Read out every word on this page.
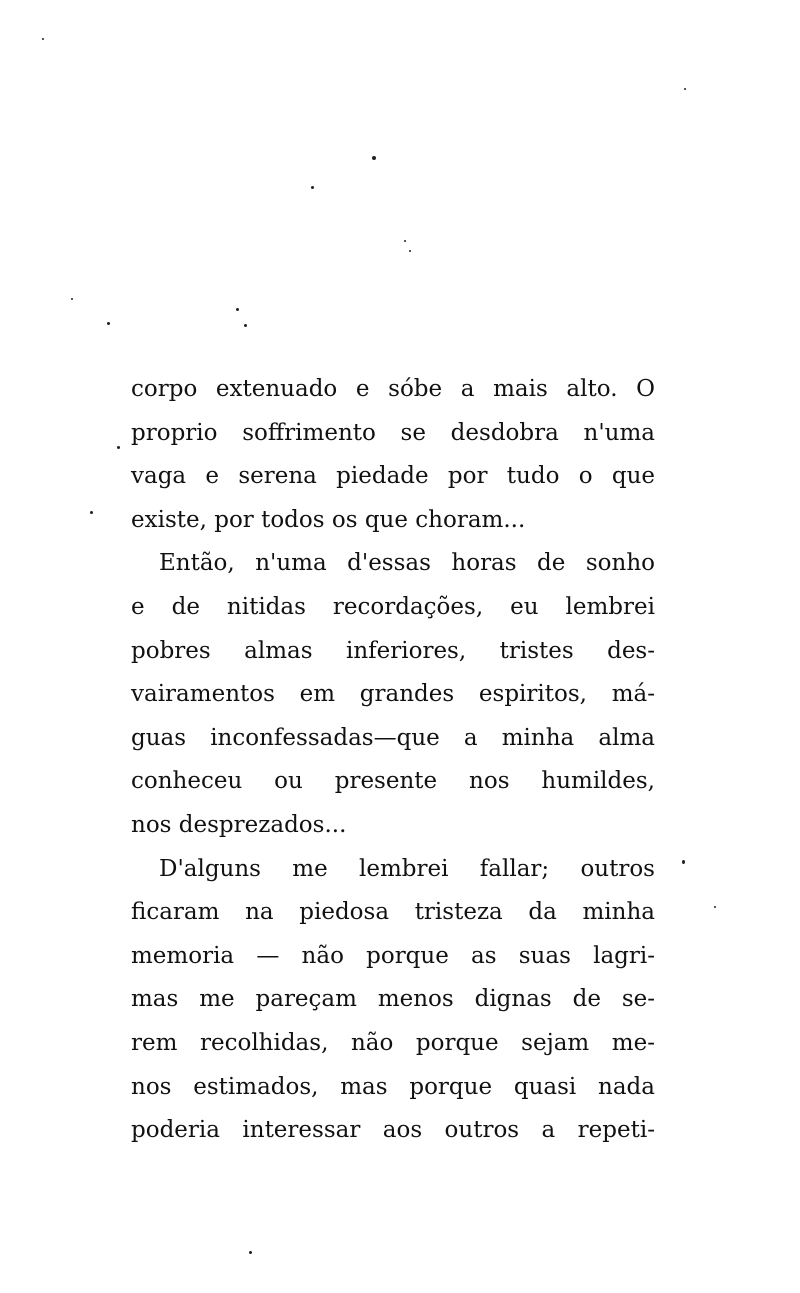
corpo extenuado e sóbe a mais alto. O
proprio soffrimento se desdobra n'uma
vaga e serena piedade por tudo o que
existe, por todos os que choram...
Então, n'uma d'essas horas de sonho
e de nitidas recordações, eu lembrei
pobres almas inferiores, tristes des-
vairamentos em grandes espiritos, má-
guas inconfessadas—que a minha alma
conheceu ou presente nos humildes,
nos desprezados...
D'alguns me lembrei fallar; outros
ficaram na piedosa tristeza da minha
memoria — não porque as suas lagri-
mas me pareçam menos dignas de se-
rem recolhidas, não porque sejam me-
nos estimados, mas porque quasi nada
poderia interessar aos outros a repeti-
